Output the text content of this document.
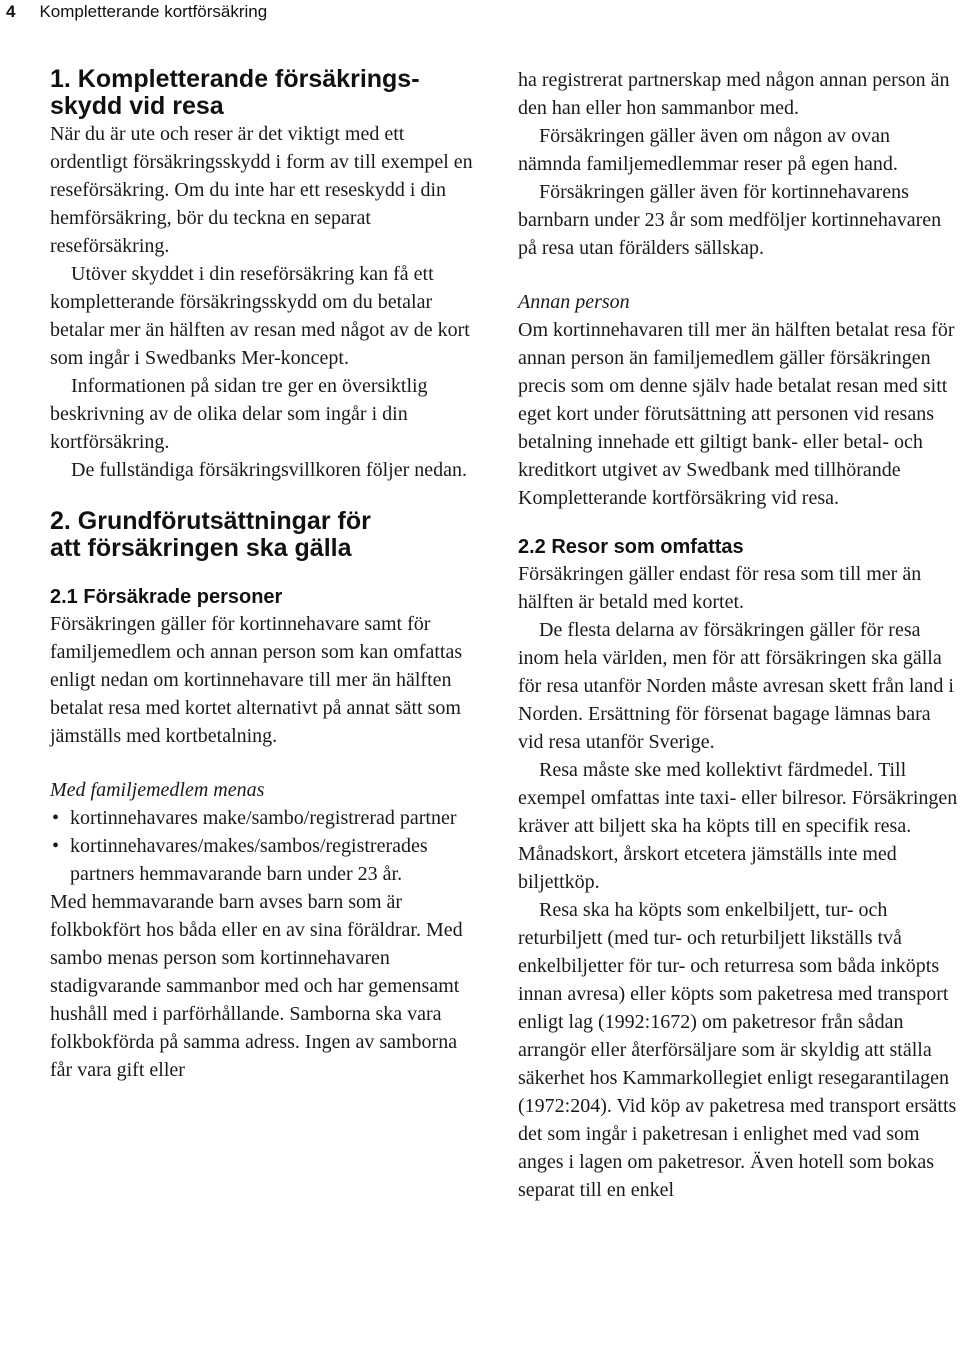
4 Kompletterande kortförsäkring
1. Kompletterande försäkrings-
skydd vid resa

När du är ute och reser är det viktigt med ett ordentligt försäkringsskydd i form av till exempel en reseförsäkring. Om du inte har ett reseskydd i din hemförsäkring, bör du teckna en separat reseförsäkring.

Utöver skyddet i din reseförsäkring kan få ett kompletterande försäkringsskydd om du betalar betalar mer än hälften av resan med något av de kort som ingår i Swedbanks Mer-koncept.

Informationen på sidan tre ger en översiktlig beskrivning av de olika delar som ingår i din kortförsäkring.

De fullständiga försäkringsvillkoren följer nedan.

2. Grundförutsättningar för
att försäkringen ska gälla
2.1 Försäkrade personer

Försäkringen gäller för kortinnehavare samt för familjemedlem och annan person som kan omfattas enligt nedan om kortinnehavare till mer än hälften betalat resa med kortet alternativt på annat sätt som jämställs med kortbetalning.

Med familjemedlem menas

• kortinnehavares make/sambo/registrerad partner
• kortinnehavares/makes/sambos/registrerades partners hemmavarande barn under 23 år.

Med hemmavarande barn avses barn som är folkbokfört hos båda eller en av sina föräldrar. Med sambo menas person som kortinnehavaren stadigvarande sammanbor med och har gemensamt hushåll med i parförhållande. Samborna ska vara folkbokförda på samma adress. Ingen av samborna får vara gift eller

ha registrerat partnerskap med någon annan person än den han eller hon sammanbor med.

Försäkringen gäller även om någon av ovan nämnda familjemedlemmar reser på egen hand.

Försäkringen gäller även för kortinnehavarens barnbarn under 23 år som medföljer kortinnehavaren på resa utan förälders sällskap.

Annan person

Om kortinnehavaren till mer än hälften betalat resa för annan person än familjemedlem gäller försäkringen precis som om denne själv hade betalat resan med sitt eget kort under förutsättning att personen vid resans betalning innehade ett giltigt bank- eller betal- och kreditkort utgivet av Swedbank med tillhörande Kompletterande kortförsäkring vid resa.

2.2 Resor som omfattas

Försäkringen gäller endast för resa som till mer än hälften är betald med kortet.

De flesta delarna av försäkringen gäller för resa inom hela världen, men för att försäkringen ska gälla för resa utanför Norden måste avresan skett från land i Norden. Ersättning för försenat bagage lämnas bara vid resa utanför Sverige.

Resa måste ske med kollektivt färdmedel. Till exempel omfattas inte taxi- eller bilresor. Försäkringen kräver att biljett ska ha köpts till en specifik resa. Månadskort, årskort etcetera jämställs inte med biljettköp.

Resa ska ha köpts som enkelbiljett, tur- och returbiljett (med tur- och returbiljett likställs två enkelbiljetter för tur- och returresa som båda inköpts innan avresa) eller köpts som paketresa med transport enligt lag (1992:1672) om paketresor från sådan arrangör eller återförsäljare som är skyldig att ställa säkerhet hos Kammarkollegiet enligt resegarantilagen (1972:204). Vid köp av paketresa med transport ersätts det som ingår i paketresan i enlighet med vad som anges i lagen om paketresor. Även hotell som bokas separat till en enkel
